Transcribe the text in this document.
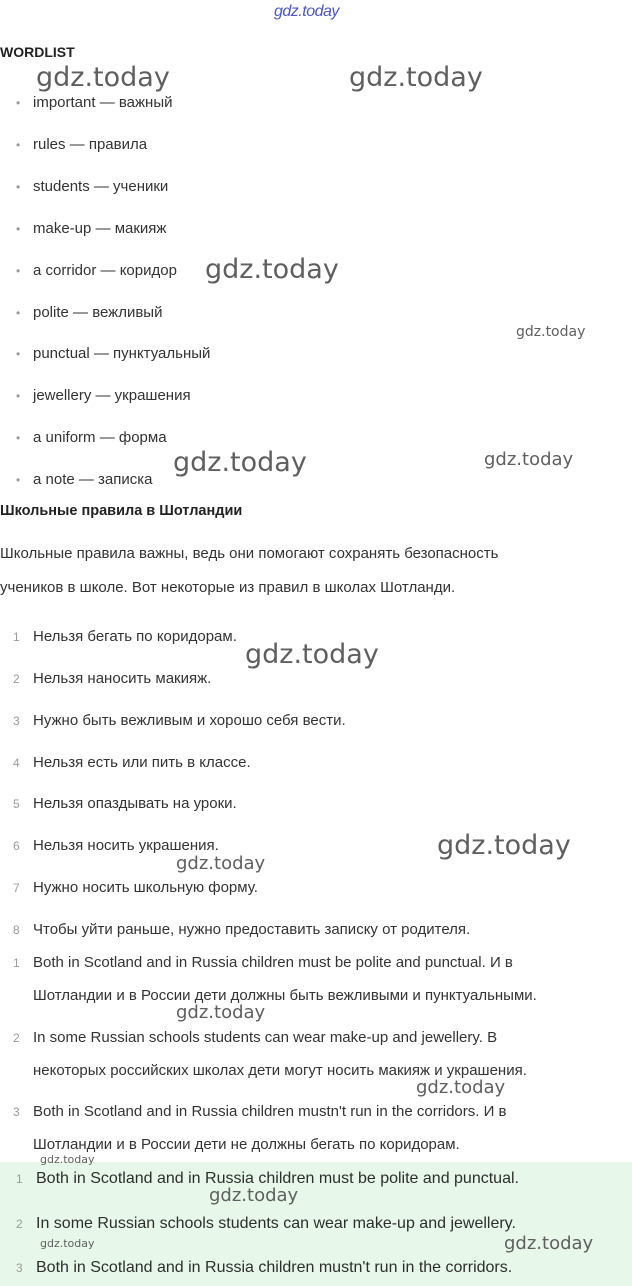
gdz.today
WORDLIST
• important — важный
• rules — правила
• students — ученики
• make-up — макияж
• a corridor — коридор
• polite — вежливый
• punctual — пунктуальный
• jewellery — украшения
• a uniform — форма
• a note — записка
Школьные правила в Шотландии
Школьные правила важны, ведь они помогают сохранять безопасность
учеников в школе. Вот некоторые из правил в школах Шотланди.
1 Нельзя бегать по коридорам.
2 Нельзя наносить макияж.
3 Нужно быть вежливым и хорошо себя вести.
4 Нельзя есть или пить в классе.
5 Нельзя опаздывать на уроки.
6 Нельзя носить украшения.
7 Нужно носить школьную форму.
8 Чтобы уйти раньше, нужно предоставить записку от родителя.
1 Both in Scotland and in Russia children must be polite and punctual. И в
Шотландии и в России дети должны быть вежливыми и пунктуальными.
2 In some Russian schools students can wear make-up and jewellery. В
некоторых российских школах дети могут носить макияж и украшения.
3 Both in Scotland and in Russia children mustn't run in the corridors. И в
Шотландии и в России дети не должны бегать по коридорам.
1 Both in Scotland and in Russia children must be polite and punctual.
2 In some Russian schools students can wear make-up and jewellery.
3 Both in Scotland and in Russia children mustn't run in the corridors.
gdz.today	gdz.today
gdz.today
gdz.today
gdz.today	gdz.today
gdz.today
gdz.today
gdz.today
gdz.today
gdz.today
gdz.today
gdz.today
gdz.today	gdz.today
